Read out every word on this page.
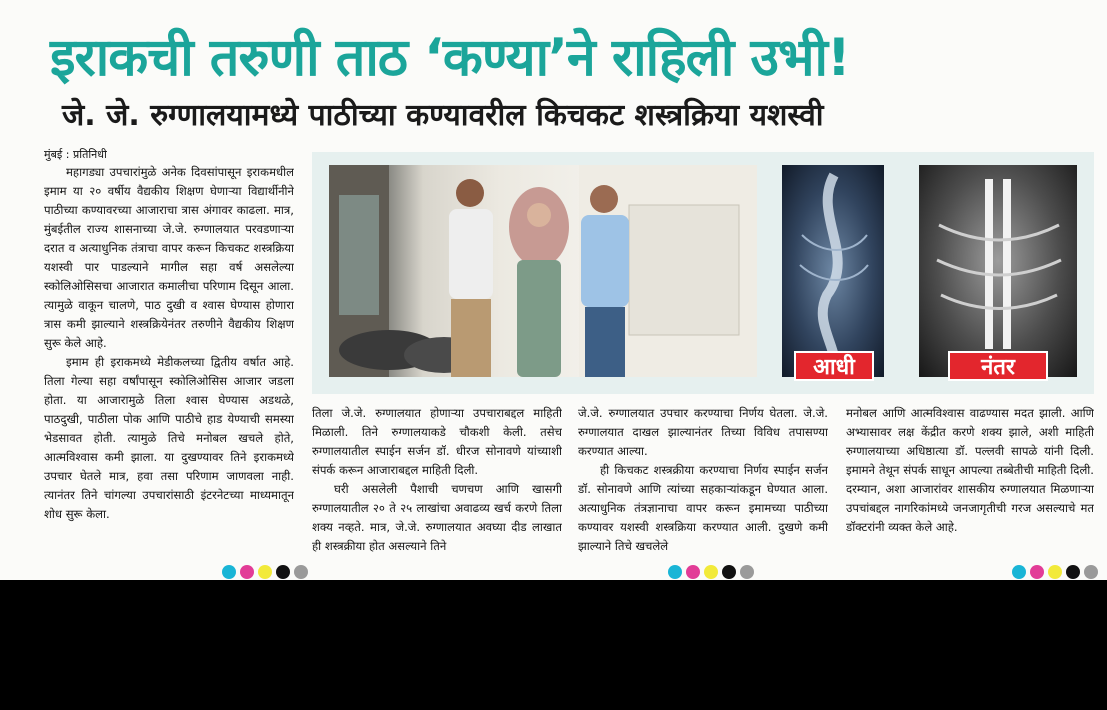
इराकची तरुणी ताठ ‘कण्या’ने राहिली उभी!
जे. जे. रुग्णालयामध्ये पाठीच्या कण्यावरील किचकट शस्त्रक्रिया यशस्वी
मुंबई : प्रतिनिधी

महागड्या उपचारांमुळे अनेक दिवसांपासून इराकमधील इमाम या २० वर्षीय वैद्यकीय शिक्षण घेणाऱ्या विद्यार्थीनीने पाठीच्या कण्यावरच्या आजाराचा त्रास अंगावर काढला. मात्र, मुंबईतील राज्य शासनाच्या जे.जे. रुग्णालयात परवडणाऱ्या दरात व अत्याधुनिक तंत्राचा वापर करून किचकट शस्त्रक्रिया यशस्वी पार पाडल्याने मागील सहा वर्ष असलेल्या स्कोलिओसिसचा आजारात कमालीचा परिणाम दिसून आला. त्यामुळे वाकून चालणे, पाठ दुखी व श्वास घेण्यास होणारा त्रास कमी झाल्याने शस्त्रक्रियेनंतर तरुणीने वैद्यकीय शिक्षण सुरू केले आहे.

इमाम ही इराकमध्ये मेडीकलच्या द्वितीय वर्षात आहे. तिला गेल्या सहा वर्षांपासून स्कोलिओसिस आजार जडला होता. या आजारामुळे तिला श्वास घेण्यास अडथळे, पाठदुखी, पाठीला पोक आणि पाठीचे हाड येण्याची समस्या भेडसावत होती. त्यामुळे तिचे मनोबल खचले होते, आत्मविश्वास कमी झाला. या दुखण्यावर तिने इराकमध्ये उपचार घेतले मात्र, हवा तसा परिणाम जाणवला नाही. त्यानंतर तिने चांगल्या उपचारांसाठी इंटरनेटच्या माध्यमातून शोध सुरू केला.

आधी	नंतर

तिला जे.जे. रुग्णालयात होणाऱ्या उपचाराबद्दल माहिती मिळाली. तिने रुग्णालयाकडे चौकशी केली. तसेच रुग्णालयातील स्पाईन सर्जन डॉ. धीरज सोनावणे यांच्याशी संपर्क करून आजाराबद्दल माहिती दिली.

घरी असलेली पैशाची चणचण आणि खासगी रुग्णालयातील २० ते २५ लाखांचा अवाढव्य खर्च करणे तिला शक्य नव्हते. मात्र, जे.जे. रुग्णालयात अवघ्या दीड लाखात ही शस्त्रक्रीया होत असल्याने तिने

जे.जे. रुग्णालयात उपचार करण्याचा निर्णय घेतला. जे.जे. रुग्णालयात दाखल झाल्यानंतर तिच्या विविध तपासण्या करण्यात आल्या.

ही किचकट शस्त्रक्रीया करण्याचा निर्णय स्पाईन सर्जन डॉ. सोनावणे आणि त्यांच्या सहकाऱ्यांकडून घेण्यात आला. अत्याधुनिक तंत्रज्ञानाचा वापर करून इमामच्या पाठीच्या कण्यावर यशस्वी शस्त्रक्रिया करण्यात आली. दुखणे कमी झाल्याने तिचे खचलेले

मनोबल आणि आत्मविश्वास वाढण्यास मदत झाली. आणि अभ्यासावर लक्ष केंद्रीत करणे शक्य झाले, अशी माहिती रुग्णालयाच्या अधिष्ठात्या डॉ. पल्लवी सापळे यांनी दिली. इमामने तेथून संपर्क साधून आपल्या तब्बेतीची माहिती दिली. दरम्यान, अशा आजारांवर शासकीय रुग्णालयात मिळणाऱ्या उपचांबद्दल नागरिकांमध्ये जनजागृतीची गरज असल्याचे मत डॉक्टरांनी व्यक्त केले आहे.
